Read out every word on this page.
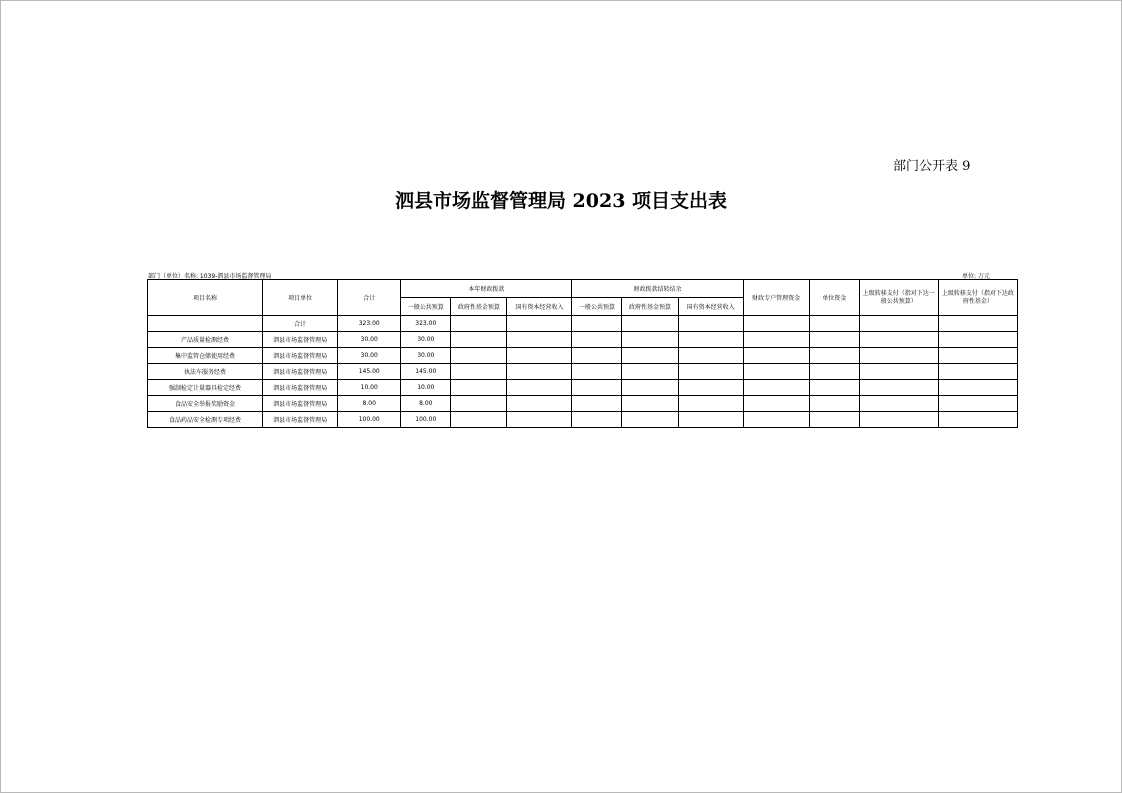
部门公开表 9
泗县市场监督管理局 2023 项目支出表
部门（单位）名称: 1039-泗县市场监督管理局	单位: 万元
项目名称	项目单位	合计	本年财政拨款			财政拨款结转结余			财政专户管理资金	单位资金	上级转移支付（指对下达一般公共预算）	上级转移支付（指对下达政府性基金）
			一般公共预算	政府性基金预算	国有资本经营收入	一般公共预算	政府性基金预算	国有资本经营收入				
	合计	323.00	323.00									
产品质量检测经费	泗县市场监督管理局	30.00	30.00									
集中监管仓储使用经费	泗县市场监督管理局	30.00	30.00									
执法车服务经费	泗县市场监督管理局	145.00	145.00									
强制检定计量器具检定经费	泗县市场监督管理局	10.00	10.00									
食品安全举报奖励资金	泗县市场监督管理局	8.00	8.00									
食品药品安全检测专项经费	泗县市场监督管理局	100.00	100.00									
